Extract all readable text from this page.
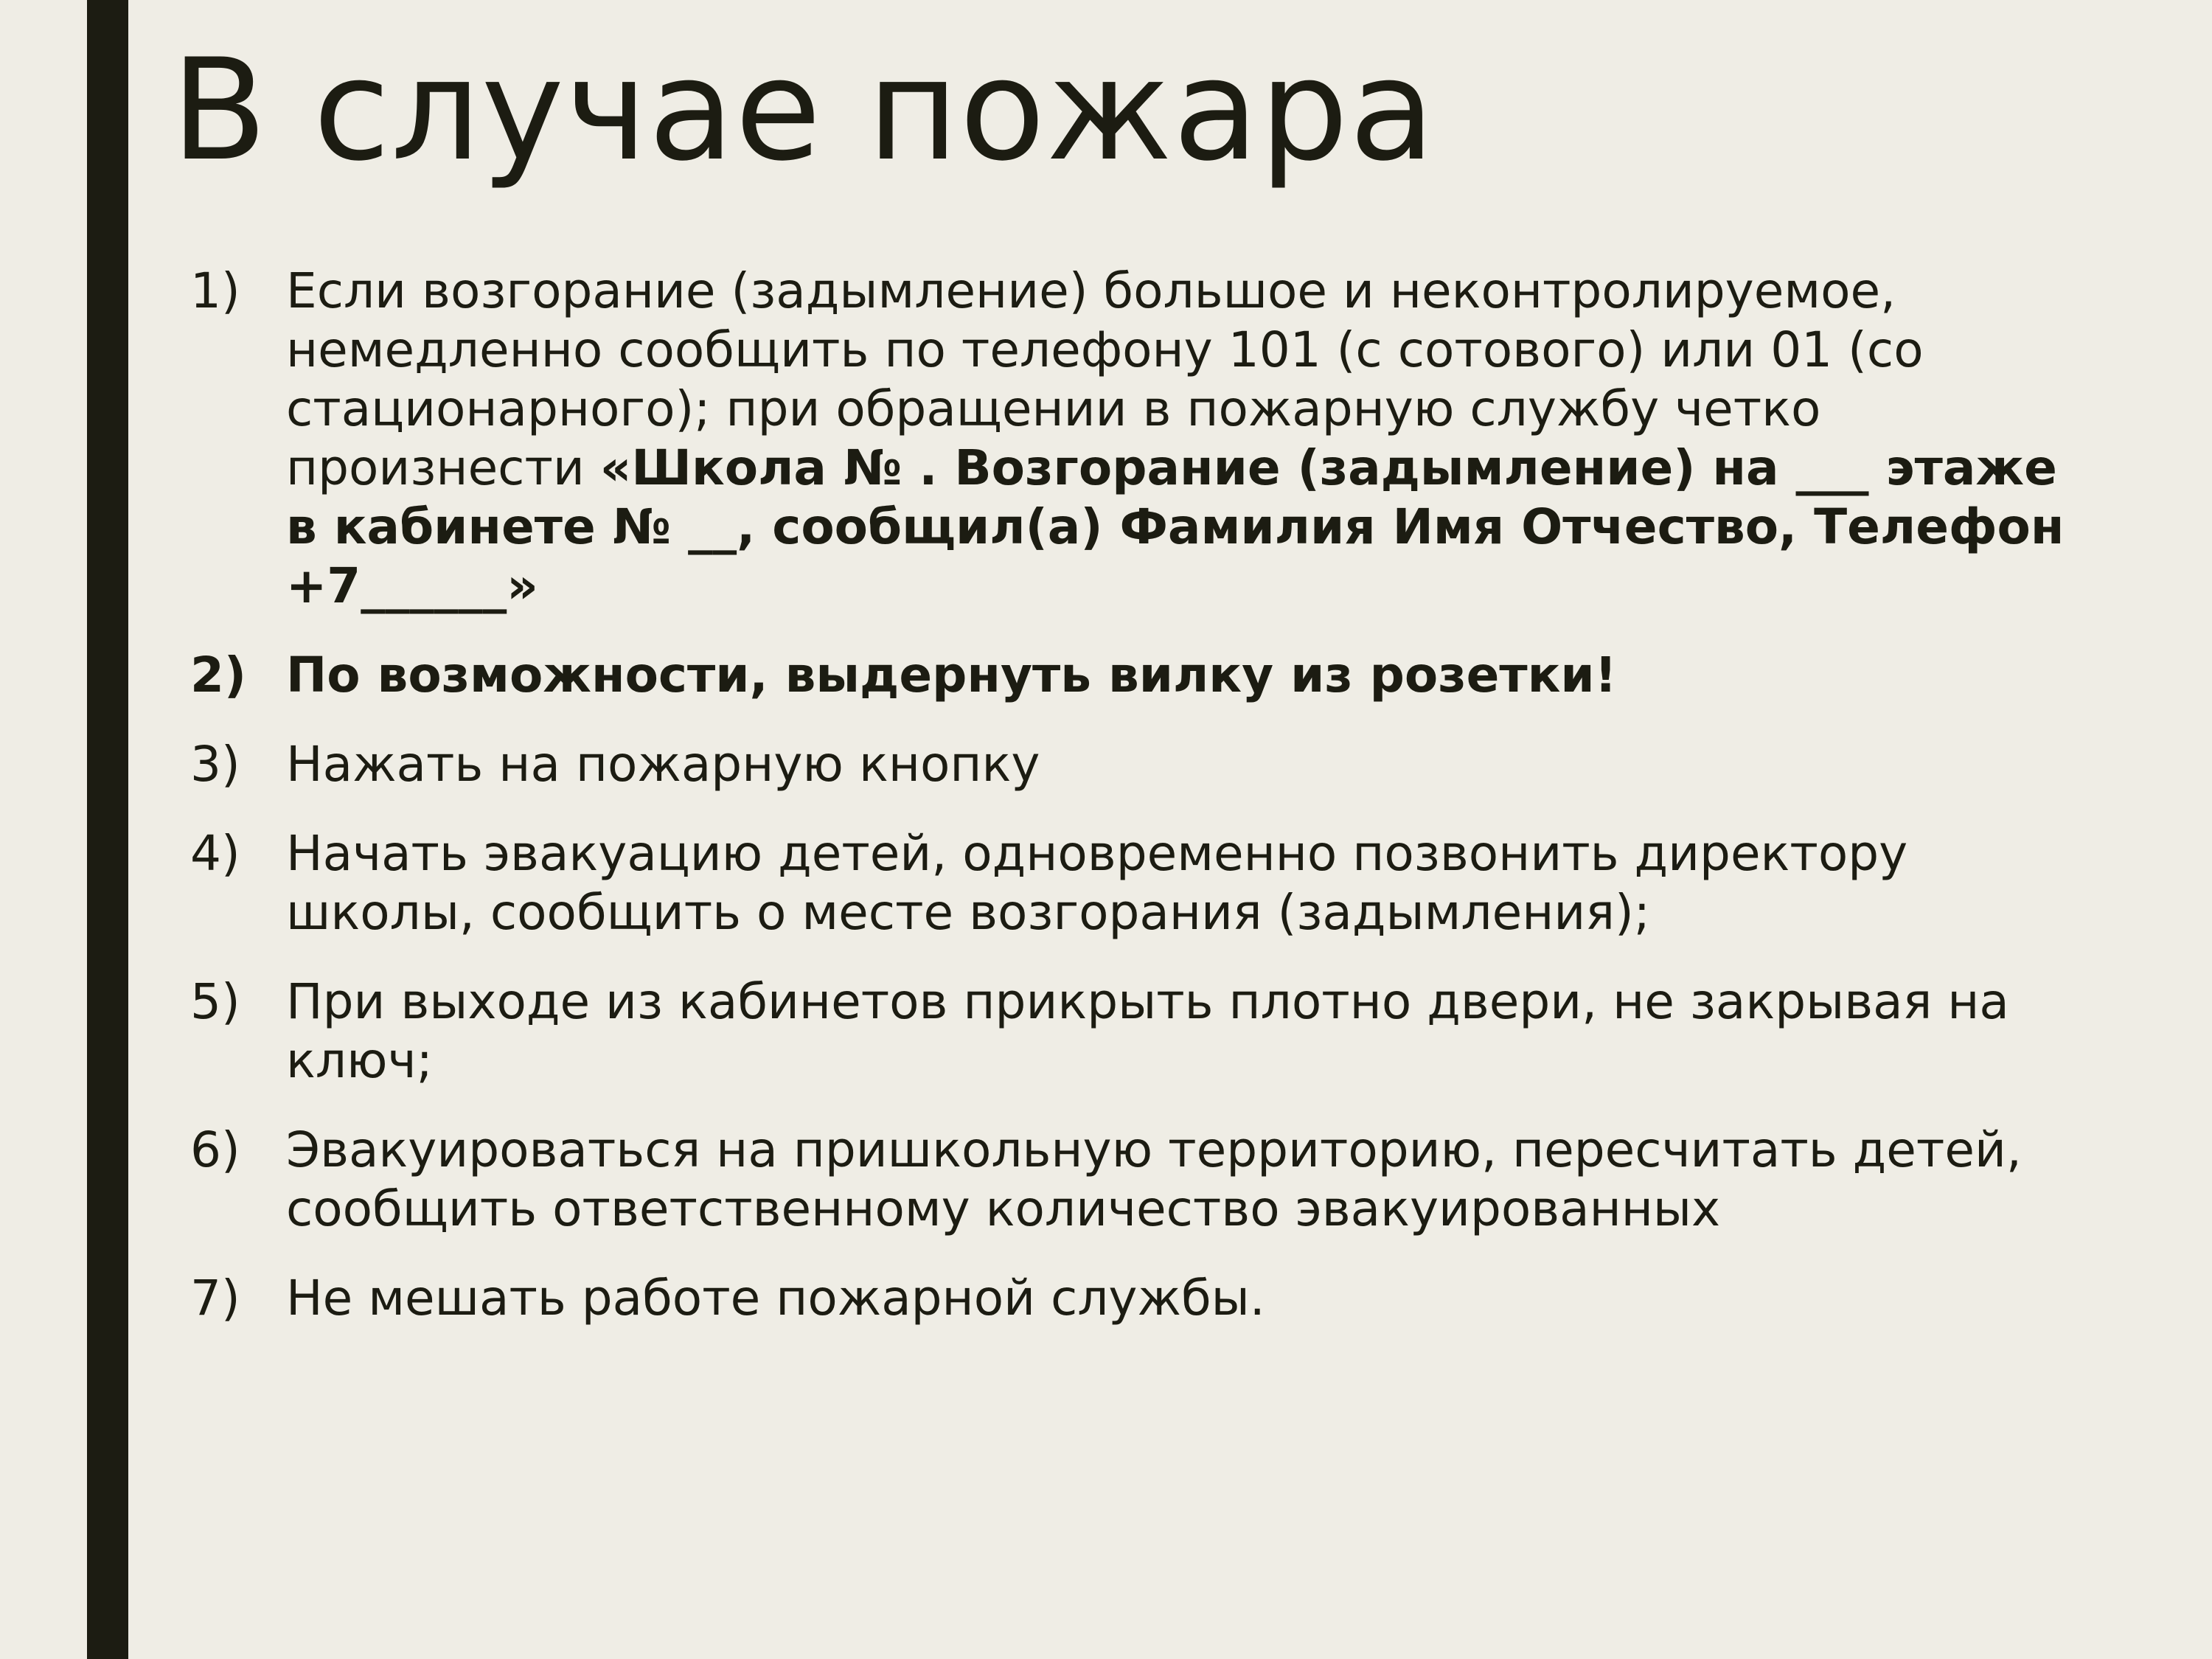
В случае пожара
1) Если возгорание (задымление) большое и неконтролируемое, немедленно сообщить по телефону 101 (с сотового) или 01 (со стационарного); при обращении в пожарную службу четко произнести «Школа № . Возгорание (задымление) на ___ этаже в кабинете № __, сообщил(а) Фамилия Имя Отчество, Телефон +7______»
2) По возможности, выдернуть вилку из розетки!
3) Нажать на пожарную кнопку
4) Начать эвакуацию детей, одновременно позвонить директору школы, сообщить о месте возгорания (задымления);
5) При выходе из кабинетов прикрыть плотно двери, не закрывая на ключ;
6) Эвакуироваться на пришкольную территорию, пересчитать детей, сообщить ответственному количество эвакуированных
7) Не мешать работе пожарной службы.
